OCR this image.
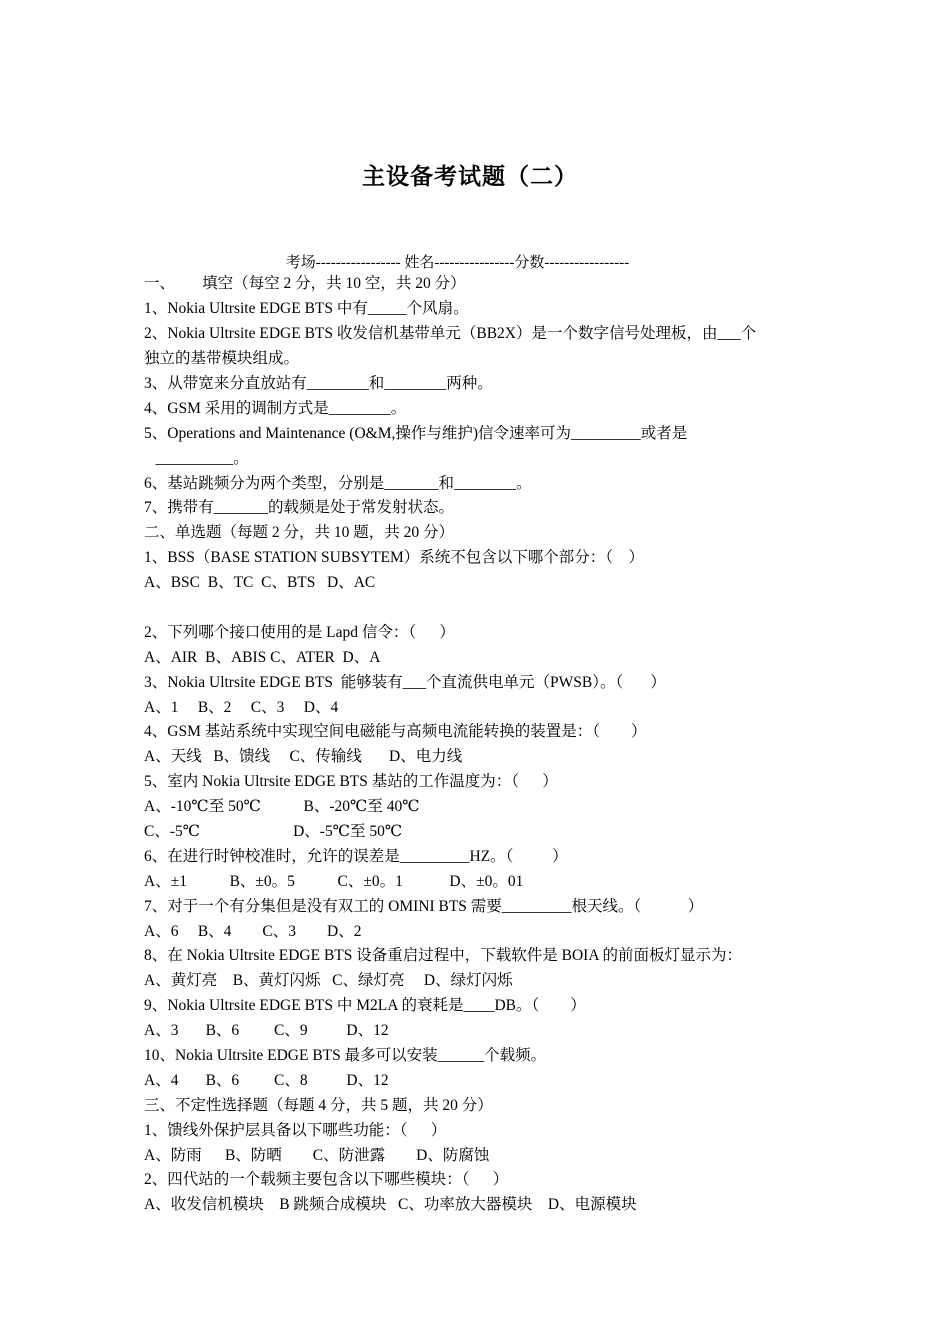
主设备考试题（二）
考场----------------- 姓名----------------分数-----------------
一、       填空（每空 2 分，共 10 空，共 20 分）
1、Nokia Ultrsite EDGE BTS 中有_____个风扇。
2、Nokia Ultrsite EDGE BTS 收发信机基带单元（BB2X）是一个数字信号处理板，由___个
独立的基带模块组成。
3、从带宽来分直放站有________和________两种。
4、GSM 采用的调制方式是________。
5、Operations and Maintenance (O&M,操作与维护)信令速率可为_________或者是
__________。
6、基站跳频分为两个类型，分别是_______和________。
7、携带有_______的载频是处于常发射状态。
二、单选题（每题 2 分，共 10 题，共 20 分）
1、BSS（BASE STATION SUBSYTEM）系统不包含以下哪个部分：（    ）
A、BSC  B、TC  C、BTS   D、AC
2、下列哪个接口使用的是 Lapd 信令：（      ）
A、AIR  B、ABIS C、ATER  D、A
3、Nokia Ultrsite EDGE BTS  能够装有___个直流供电单元（PWSB）。（       ）
A、1     B、2     C、3     D、4
4、GSM 基站系统中实现空间电磁能与高频电流能转换的装置是：（        ）
A、天线   B、馈线     C、传输线       D、电力线
5、室内 Nokia Ultrsite EDGE BTS 基站的工作温度为：（      ）
A、-10℃至 50℃           B、-20℃至 40℃
C、-5℃                        D、-5℃至 50℃
6、在进行时钟校准时，允许的误差是_________HZ。（          ）
A、±1           B、±0。5           C、±0。1            D、±0。01
7、对于一个有分集但是没有双工的 OMINI BTS 需要_________根天线。（            ）
A、6     B、4        C、3        D、2
8、在 Nokia Ultrsite EDGE BTS 设备重启过程中，下载软件是 BOIA 的前面板灯显示为：
A、黄灯亮    B、黄灯闪烁   C、绿灯亮     D、绿灯闪烁
9、Nokia Ultrsite EDGE BTS 中 M2LA 的衰耗是____DB。（        ）
A、3       B、6         C、9          D、12
10、Nokia Ultrsite EDGE BTS 最多可以安装______个载频。
A、4       B、6         C、8          D、12
三、不定性选择题（每题 4 分，共 5 题，共 20 分）
1、馈线外保护层具备以下哪些功能：（      ）
A、防雨      B、防晒        C、防泄露        D、防腐蚀
2、四代站的一个载频主要包含以下哪些模块：（      ）
A、收发信机模块    B 跳频合成模块   C、功率放大器模块    D、电源模块
